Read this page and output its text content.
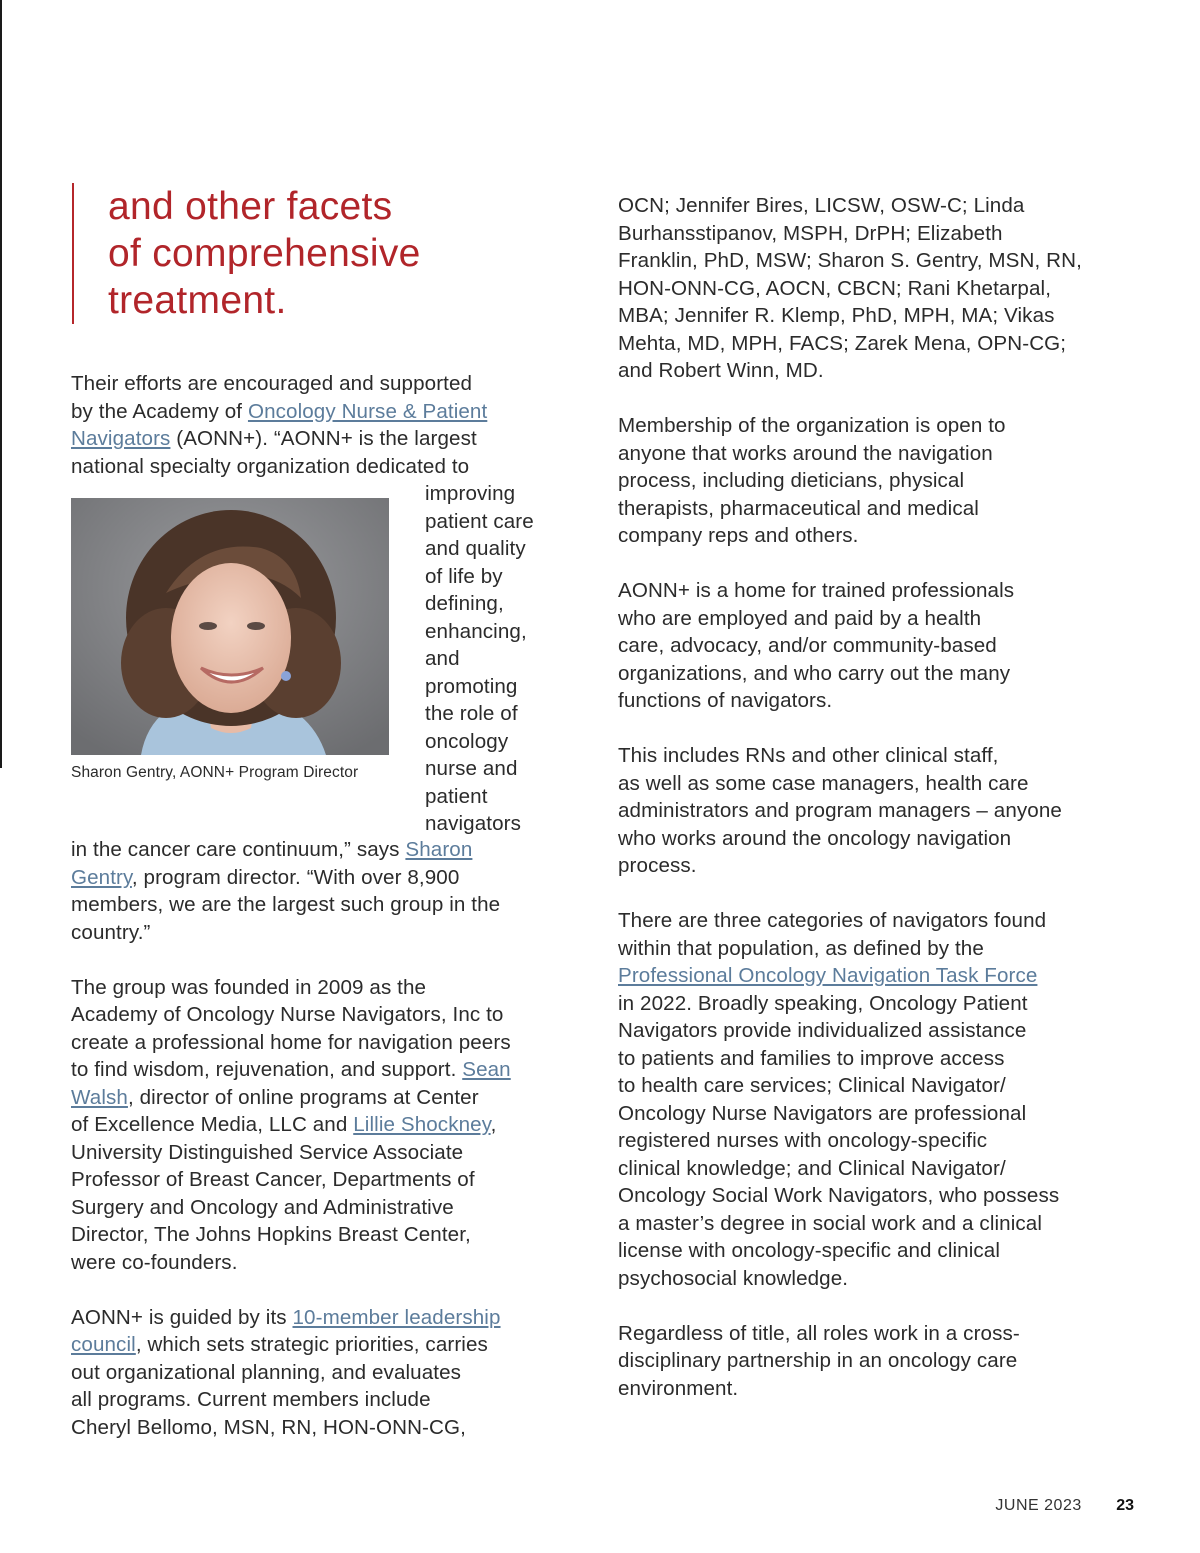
and other facets
of comprehensive
treatment.
Their efforts are encouraged and supported
by the Academy of Oncology Nurse & Patient
Navigators (AONN+). “AONN+ is the largest
national specialty organization dedicated to
Sharon Gentry, AONN+ Program Director
improving
patient care
and quality
of life by
defining,
enhancing,
and
promoting
the role of
oncology
nurse and
patient
navigators

in the cancer care continuum,” says Sharon
Gentry, program director. “With over 8,900
members, we are the largest such group in the
country.”

The group was founded in 2009 as the
Academy of Oncology Nurse Navigators, Inc to
create a professional home for navigation peers
to find wisdom, rejuvenation, and support. Sean
Walsh, director of online programs at Center
of Excellence Media, LLC and Lillie Shockney,
University Distinguished Service Associate
Professor of Breast Cancer, Departments of
Surgery and Oncology and Administrative
Director, The Johns Hopkins Breast Center,
were co-founders.

AONN+ is guided by its 10-member leadership
council, which sets strategic priorities, carries
out organizational planning, and evaluates
all programs. Current members include
Cheryl Bellomo, MSN, RN, HON-ONN-CG,

OCN; Jennifer Bires, LICSW, OSW-C; Linda
Burhansstipanov, MSPH, DrPH; Elizabeth
Franklin, PhD, MSW; Sharon S. Gentry, MSN, RN,
HON-ONN-CG, AOCN, CBCN; Rani Khetarpal,
MBA; Jennifer R. Klemp, PhD, MPH, MA; Vikas
Mehta, MD, MPH, FACS; Zarek Mena, OPN-CG;
and Robert Winn, MD.

Membership of the organization is open to
anyone that works around the navigation
process, including dieticians, physical
therapists, pharmaceutical and medical
company reps and others.

AONN+ is a home for trained professionals
who are employed and paid by a health
care, advocacy, and/or community-based
organizations, and who carry out the many
functions of navigators.

This includes RNs and other clinical staff,
as well as some case managers, health care
administrators and program managers – anyone
who works around the oncology navigation
process.

There are three categories of navigators found
within that population, as defined by the
Professional Oncology Navigation Task Force
in 2022. Broadly speaking, Oncology Patient
Navigators provide individualized assistance
to patients and families to improve access
to health care services; Clinical Navigator/
Oncology Nurse Navigators are professional
registered nurses with oncology-specific
clinical knowledge; and Clinical Navigator/
Oncology Social Work Navigators, who possess
a master’s degree in social work and a clinical
license with oncology-specific and clinical
psychosocial knowledge.

Regardless of title, all roles work in a cross-
disciplinary partnership in an oncology care
environment.

JUNE 2023 23
